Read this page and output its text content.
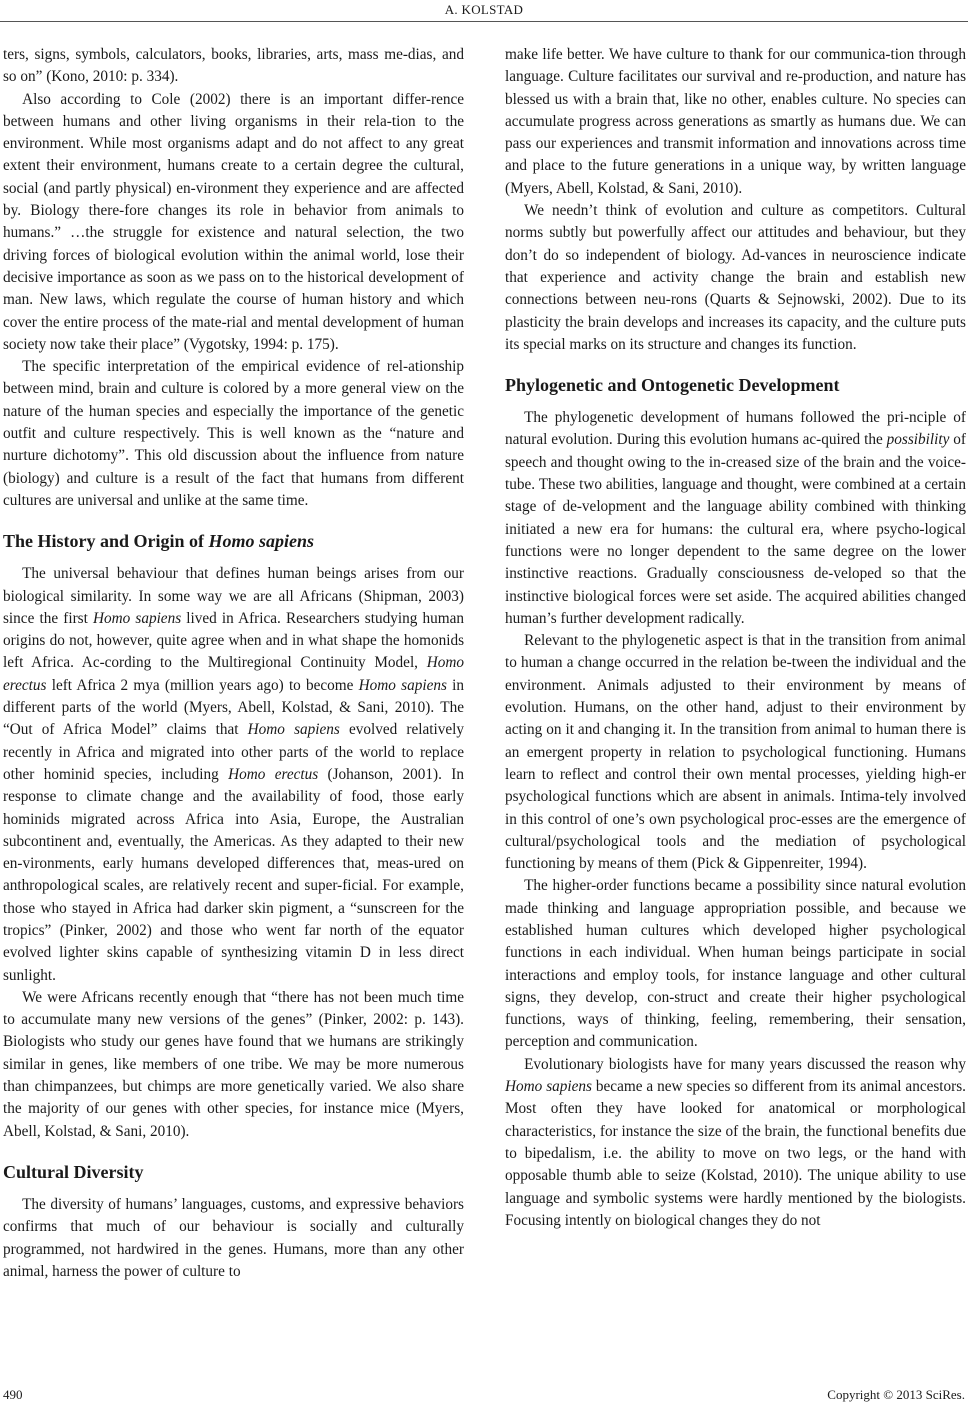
A. KOLSTAD

ters, signs, symbols, calculators, books, libraries, arts, mass me-dias, and so on” (Kono, 2010: p. 334).

Also according to Cole (2002) there is an important differ-rence between humans and other living organisms in their rela-tion to the environment. While most organisms adapt and do not affect to any great extent their environment, humans create to a certain degree the cultural, social (and partly physical) en-vironment they experience and are affected by. Biology there-fore changes its role in behavior from animals to humans.” …the struggle for existence and natural selection, the two driving forces of biological evolution within the animal world, lose their decisive importance as soon as we pass on to the historical development of man. New laws, which regulate the course of human history and which cover the entire process of the mate-rial and mental development of human society now take their place” (Vygotsky, 1994: p. 175).

The specific interpretation of the empirical evidence of rel-ationship between mind, brain and culture is colored by a more general view on the nature of the human species and especially the importance of the genetic outfit and culture respectively. This is well known as the “nature and nurture dichotomy”. This old discussion about the influence from nature (biology) and culture is a result of the fact that humans from different cultures are universal and unlike at the same time.

The History and Origin of Homo sapiens

The universal behaviour that defines human beings arises from our biological similarity. In some way we are all Africans (Shipman, 2003) since the first Homo sapiens lived in Africa. Researchers studying human origins do not, however, quite agree when and in what shape the homonids left Africa. Ac-cording to the Multiregional Continuity Model, Homo erectus left Africa 2 mya (million years ago) to become Homo sapiens in different parts of the world (Myers, Abell, Kolstad, & Sani, 2010). The “Out of Africa Model” claims that Homo sapiens evolved relatively recently in Africa and migrated into other parts of the world to replace other hominid species, including Homo erectus (Johanson, 2001). In response to climate change and the availability of food, those early hominids migrated across Africa into Asia, Europe, the Australian subcontinent and, eventually, the Americas. As they adapted to their new en-vironments, early humans developed differences that, meas-ured on anthropological scales, are relatively recent and super-ficial. For example, those who stayed in Africa had darker skin pigment, a “sunscreen for the tropics” (Pinker, 2002) and those who went far north of the equator evolved lighter skins capable of synthesizing vitamin D in less direct sunlight.

We were Africans recently enough that “there has not been much time to accumulate many new versions of the genes” (Pinker, 2002: p. 143). Biologists who study our genes have found that we humans are strikingly similar in genes, like members of one tribe. We may be more numerous than chimpanzees, but chimps are more genetically varied. We also share the majority of our genes with other species, for instance mice (Myers, Abell, Kolstad, & Sani, 2010).

Cultural Diversity

The diversity of humans’ languages, customs, and expressive behaviors confirms that much of our behaviour is socially and culturally programmed, not hardwired in the genes. Humans, more than any other animal, harness the power of culture to

make life better. We have culture to thank for our communica-tion through language. Culture facilitates our survival and re-production, and nature has blessed us with a brain that, like no other, enables culture. No species can accumulate progress across generations as smartly as humans due. We can pass our experiences and transmit information and innovations across time and place to the future generations in a unique way, by written language (Myers, Abell, Kolstad, & Sani, 2010).

We needn’t think of evolution and culture as competitors. Cultural norms subtly but powerfully affect our attitudes and behaviour, but they don’t do so independent of biology. Ad-vances in neuroscience indicate that experience and activity change the brain and establish new connections between neu-rons (Quarts & Sejnowski, 2002). Due to its plasticity the brain develops and increases its capacity, and the culture puts its special marks on its structure and changes its function.

Phylogenetic and Ontogenetic Development

The phylogenetic development of humans followed the pri-nciple of natural evolution. During this evolution humans ac-quired the possibility of speech and thought owing to the in-creased size of the brain and the voice-tube. These two abilities, language and thought, were combined at a certain stage of de-velopment and the language ability combined with thinking initiated a new era for humans: the cultural era, where psycho-logical functions were no longer dependent to the same degree on the lower instinctive reactions. Gradually consciousness de-veloped so that the instinctive biological forces were set aside. The acquired abilities changed human’s further development radically.

Relevant to the phylogenetic aspect is that in the transition from animal to human a change occurred in the relation be-tween the individual and the environment. Animals adjusted to their environment by means of evolution. Humans, on the other hand, adjust to their environment by acting on it and changing it. In the transition from animal to human there is an emergent property in relation to psychological functioning. Humans learn to reflect and control their own mental processes, yielding high-er psychological functions which are absent in animals. Intima-tely involved in this control of one’s own psychological proc-esses are the emergence of cultural/psychological tools and the mediation of psychological functioning by means of them (Pick & Gippenreiter, 1994).

The higher-order functions became a possibility since natural evolution made thinking and language appropriation possible, and because we established human cultures which developed higher psychological functions in each individual. When human beings participate in social interactions and employ tools, for instance language and other cultural signs, they develop, con-struct and create their higher psychological functions, ways of thinking, feeling, remembering, their sensation, perception and communication.

Evolutionary biologists have for many years discussed the reason why Homo sapiens became a new species so different from its animal ancestors. Most often they have looked for anatomical or morphological characteristics, for instance the size of the brain, the functional benefits due to bipedalism, i.e. the ability to move on two legs, or the hand with opposable thumb able to seize (Kolstad, 2010). The unique ability to use language and symbolic systems were hardly mentioned by the biologists. Focusing intently on biological changes they do not

490	Copyright © 2013 SciRes.
